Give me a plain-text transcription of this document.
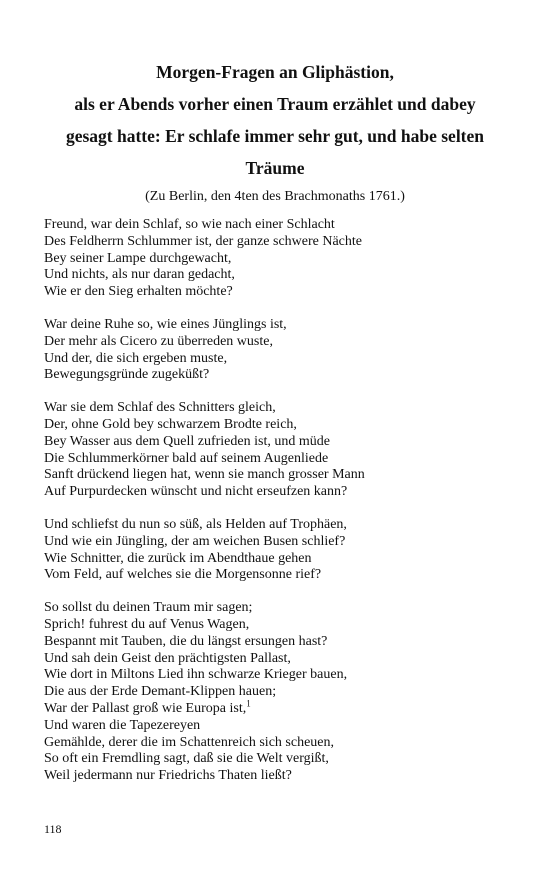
Morgen-Fragen an Gliphästion,
als er Abends vorher einen Traum erzählet und dabey
gesagt hatte: Er schlafe immer sehr gut, und habe selten
Träume
(Zu Berlin, den 4ten des Brachmonaths 1761.)
Freund, war dein Schlaf, so wie nach einer Schlacht
Des Feldherrn Schlummer ist, der ganze schwere Nächte
Bey seiner Lampe durchgewacht,
Und nichts, als nur daran gedacht,
Wie er den Sieg erhalten möchte?
War deine Ruhe so, wie eines Jünglings ist,
Der mehr als Cicero zu überreden wuste,
Und der, die sich ergeben muste,
Bewegungsgründe zugeküßt?
War sie dem Schlaf des Schnitters gleich,
Der, ohne Gold bey schwarzem Brodte reich,
Bey Wasser aus dem Quell zufrieden ist, und müde
Die Schlummerkörner bald auf seinem Augenliede
Sanft drückend liegen hat, wenn sie manch grosser Mann
Auf Purpurdecken wünscht und nicht erseufzen kann?
Und schliefst du nun so süß, als Helden auf Trophäen,
Und wie ein Jüngling, der am weichen Busen schlief?
Wie Schnitter, die zurück im Abendthaue gehen
Vom Feld, auf welches sie die Morgensonne rief?
So sollst du deinen Traum mir sagen;
Sprich! fuhrest du auf Venus Wagen,
Bespannt mit Tauben, die du längst ersungen hast?
Und sah dein Geist den prächtigsten Pallast,
Wie dort in Miltons Lied ihn schwarze Krieger bauen,
Die aus der Erde Demant-Klippen hauen;
War der Pallast groß wie Europa ist,$^1$
Und waren die Tapezereyen
Gemählde, derer die im Schattenreich sich scheuen,
So oft ein Fremdling sagt, daß sie die Welt vergißt,
Weil jedermann nur Friedrichs Thaten ließt?
118
